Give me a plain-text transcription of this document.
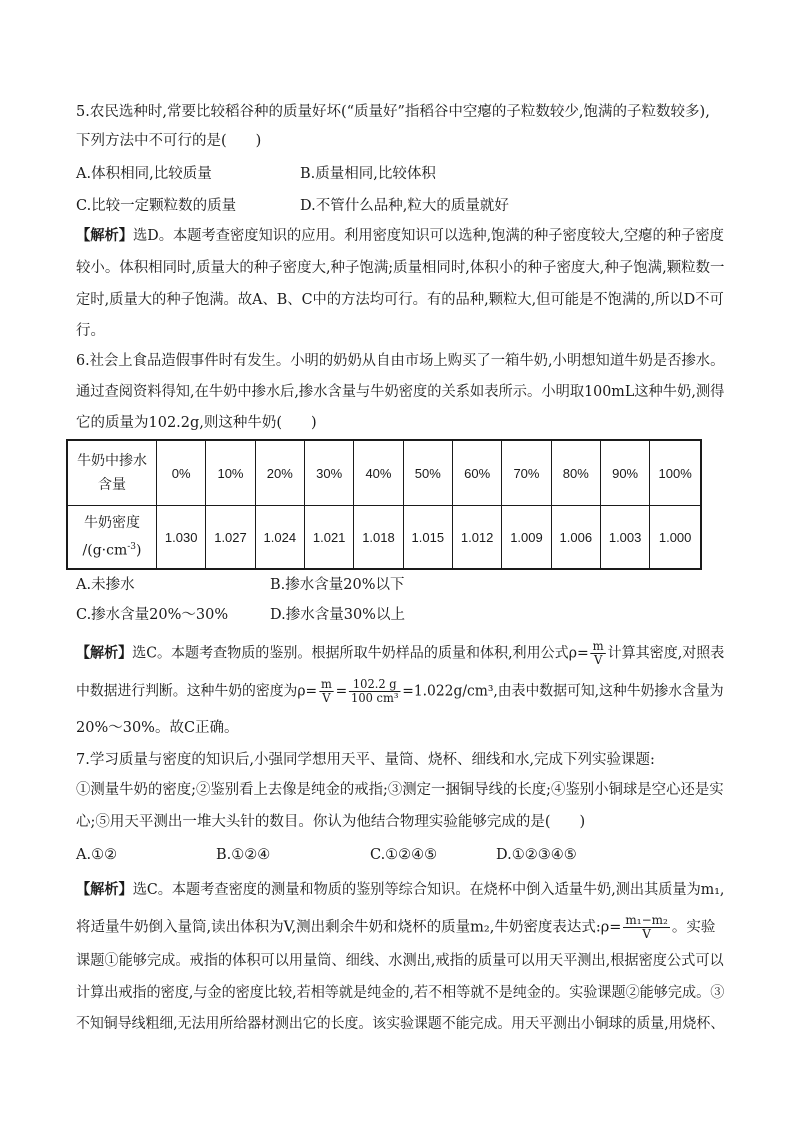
5.农民选种时,常要比较稻谷种的质量好坏(“质量好”指稻谷中空瘪的子粒数较少,饱满的子粒数较多),
下列方法中不可行的是(　　)
A.体积相同,比较质量	B.质量相同,比较体积
C.比较一定颗粒数的质量	D.不管什么品种,粒大的质量就好
【解析】选D。本题考查密度知识的应用。利用密度知识可以选种,饱满的种子密度较大,空瘪的种子密度
较小。体积相同时,质量大的种子密度大,种子饱满;质量相同时,体积小的种子密度大,种子饱满,颗粒数一
定时,质量大的种子饱满。故A、B、C中的方法均可行。有的品种,颗粒大,但可能是不饱满的,所以D不可
行。
6.社会上食品造假事件时有发生。小明的奶奶从自由市场上购买了一箱牛奶,小明想知道牛奶是否掺水。
通过查阅资料得知,在牛奶中掺水后,掺水含量与牛奶密度的关系如表所示。小明取100mL这种牛奶,测得
它的质量为102.2g,则这种牛奶(　　)
牛奶中掺水
含量	0%	10%	20%	30%	40%	50%	60%	70%	80%	90%	100%

牛奶密度
$/(g\cdot cm^{-3})$	1.030	1.027	1.024	1.021	1.018	1.015	1.012	1.009	1.006	1.003	1.000
A.未掺水	B.掺水含量20%以下
C.掺水含量20%～30%	D.掺水含量30%以上
【解析】选C。本题考查物质的鉴别。根据所取牛奶样品的质量和体积,利用公式$\rho= \frac{m}{V}$ 计算其密度,对照表
中数据进行判断。这种牛奶的密度为$\rho= \frac{m}{V} = \frac{102.2 g}{\text{100 cm³}} =1.022g/cm^3$,由表中数据可知,这种牛奶掺水含量为
20%～30%。故C正确。
7.学习质量与密度的知识后,小强同学想用天平、量筒、烧杯、细线和水,完成下列实验课题:
①测量牛奶的密度;②鉴别看上去像是纯金的戒指;③测定一捆铜导线的长度;④鉴别小铜球是空心还是实
心;⑤用天平测出一堆大头针的数目。你认为他结合物理实验能够完成的是(　　)
A.①②	B.①②④	C.①②④⑤	D.①②③④⑤
【解析】选C。本题考查密度的测量和物质的鉴别等综合知识。在烧杯中倒入适量牛奶,测出其质量为m₁,
将适量牛奶倒入量筒,读出体积为V,测出剩余牛奶和烧杯的质量m₂,牛奶密度表达式:ρ= $\frac{\text{m₁−m₂}}{V}$ 。实验
课题①能够完成。戒指的体积可以用量筒、细线、水测出,戒指的质量可以用天平测出,根据密度公式可以
计算出戒指的密度,与金的密度比较,若相等就是纯金的,若不相等就不是纯金的。实验课题②能够完成。③
不知铜导线粗细,无法用所给器材测出它的长度。该实验课题不能完成。用天平测出小铜球的质量,用烧杯、
